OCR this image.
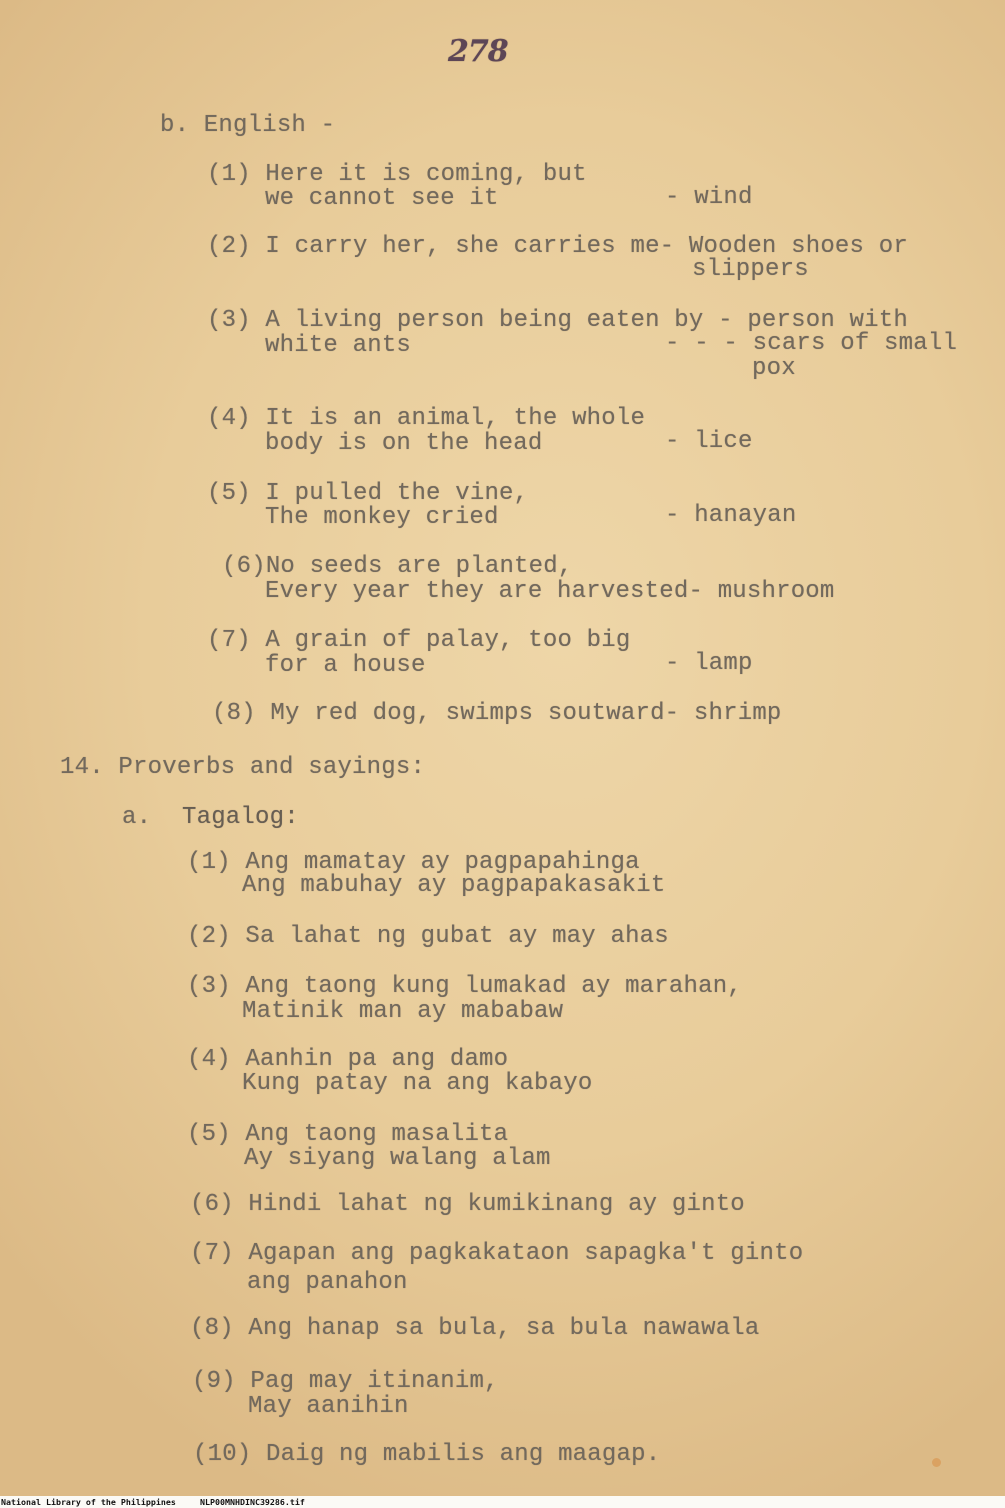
278
b. English -
(1) Here it is coming, but
we cannot see it	- wind
(2) I carry her, she carries me- Wooden shoes or
slippers
(3) A living person being eaten by - person with
white ants	- - - scars of small
pox
(4) It is an animal, the whole
body is on the head	- lice
(5) I pulled the vine,
The monkey cried	- hanayan
(6)No seeds are planted,
Every year they are harvested- mushroom
(7) A grain of palay, too big
for a house	- lamp
(8) My red dog, swimps soutward- shrimp
14. Proverbs and sayings:
a. Tagalog:
(1) Ang mamatay ay pagpapahinga
Ang mabuhay ay pagpapakasakit
(2) Sa lahat ng gubat ay may ahas
(3) Ang taong kung lumakad ay marahan,
Matinik man ay mababaw
(4) Aanhin pa ang damo
Kung patay na ang kabayo
(5) Ang taong masalita
Ay siyang walang alam
(6) Hindi lahat ng kumikinang ay ginto
(7) Agapan ang pagkakataon sapagka't ginto
ang panahon
(8) Ang hanap sa bula, sa bula nawawala
(9) Pag may itinanim,
May aanihin
(10) Daig ng mabilis ang maagap.
National Library of the Philippines	NLP00MNHDINC39286.tif
